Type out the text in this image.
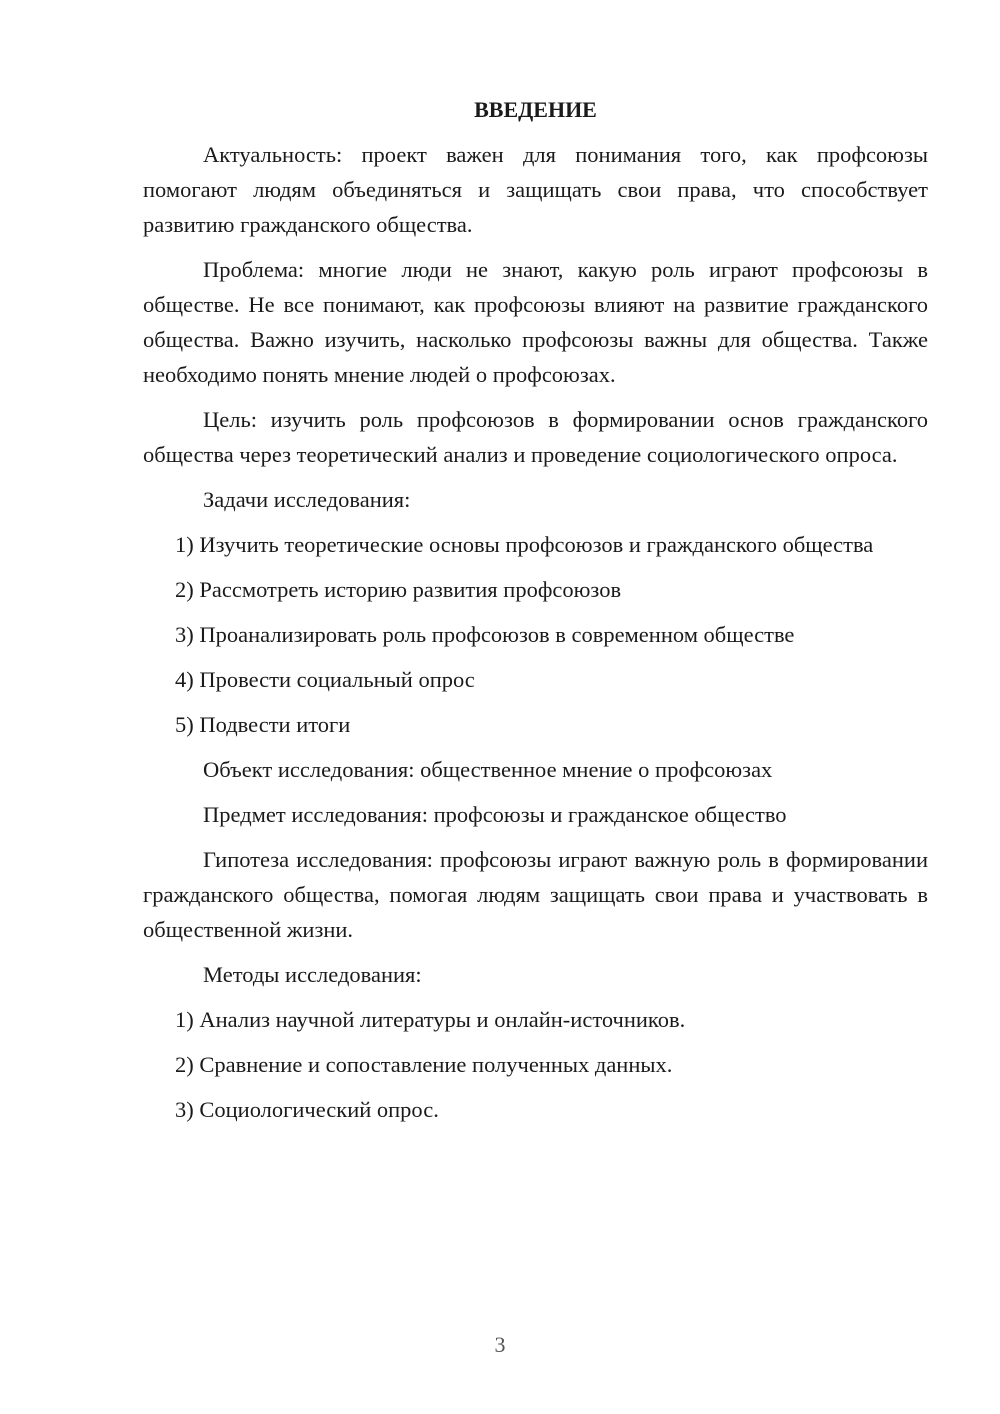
ВВЕДЕНИЕ

Актуальность: проект важен для понимания того, как профсоюзы помогают людям объединяться и защищать свои права, что способствует развитию гражданского общества.

Проблема: многие люди не знают, какую роль играют профсоюзы в обществе. Не все понимают, как профсоюзы влияют на развитие гражданского общества. Важно изучить, насколько профсоюзы важны для общества. Также необходимо понять мнение людей о профсоюзах.

Цель: изучить роль профсоюзов в формировании основ гражданского общества через теоретический анализ и проведение социологического опроса.

Задачи исследования:

1) Изучить теоретические основы профсоюзов и гражданского общества

2) Рассмотреть историю развития профсоюзов

3) Проанализировать роль профсоюзов в современном обществе

4) Провести социальный опрос

5) Подвести итоги

Объект исследования: общественное мнение о профсоюзах

Предмет исследования: профсоюзы и гражданское общество

Гипотеза исследования: профсоюзы играют важную роль в формировании гражданского общества, помогая людям защищать свои права и участвовать в общественной жизни.

Методы исследования:

1) Анализ научной литературы и онлайн-источников.

2) Сравнение и сопоставление полученных данных.

3) Социологический опрос.

3
